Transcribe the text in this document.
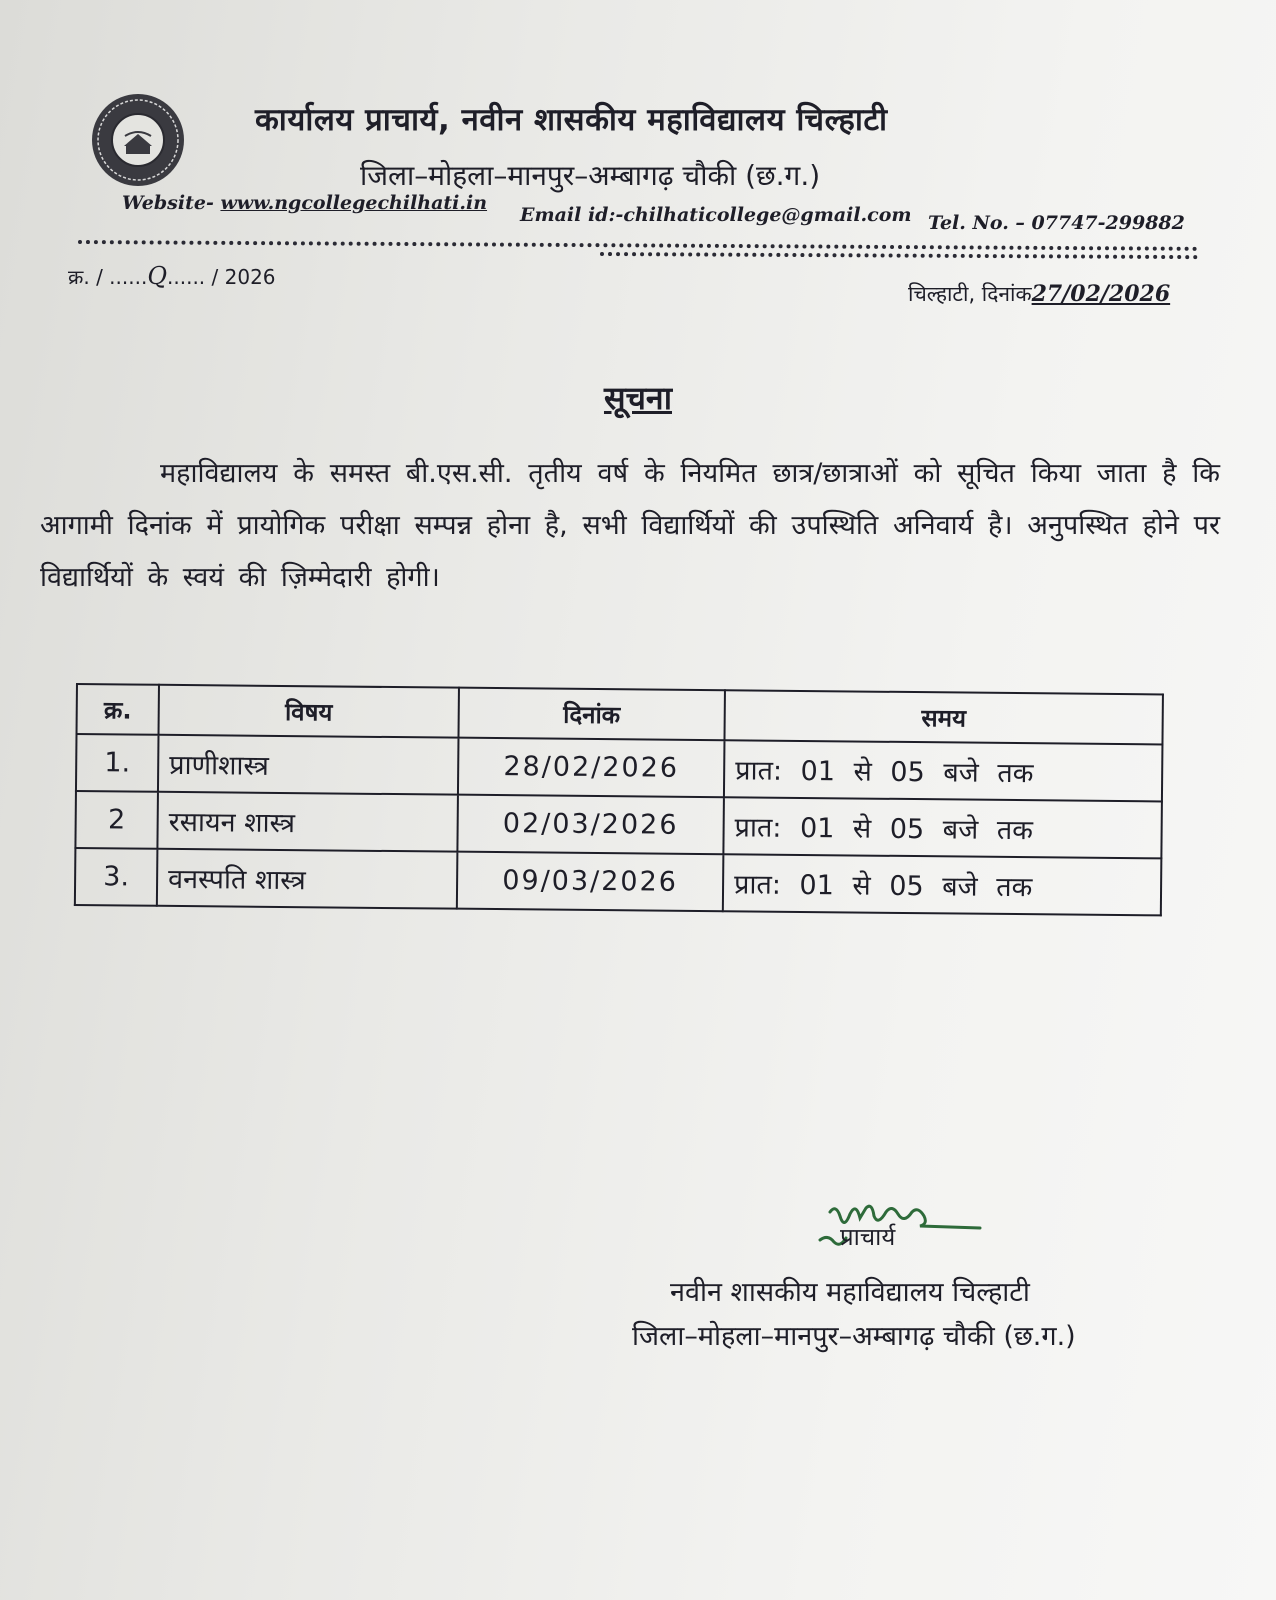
कार्यालय प्राचार्य, नवीन शासकीय महाविद्यालय चिल्हाटी
जिला–मोहला–मानपुर–अम्बागढ़ चौकी (छ.ग.)
Website- www.ngcollegechilhati.in
Email id:-chilhaticollege@gmail.com Tel. No. – 07747-299882
क्र. / ......Q...... / 2026
चिल्हाटी, दिनांक27/02/2026
सूचना
महाविद्यालय के समस्त बी.एस.सी. तृतीय वर्ष के नियमित छात्र/छात्राओं को सूचित किया जाता है कि आगामी दिनांक में प्रायोगिक परीक्षा सम्पन्न होना है, सभी विद्यार्थियों की उपस्थिति अनिवार्य है। अनुपस्थित होने पर विद्यार्थियों के स्वयं की ज़िम्मेदारी होगी।
क्र.	विषय	दिनांक	समय
1.	प्राणीशास्त्र	28/02/2026	प्रात: 01 से 05 बजे तक
2	रसायन शास्त्र	02/03/2026	प्रात: 01 से 05 बजे तक
3.	वनस्पति शास्त्र	09/03/2026	प्रात: 01 से 05 बजे तक
प्राचार्य
नवीन शासकीय महाविद्यालय चिल्हाटी
जिला–मोहला–मानपुर–अम्बागढ़ चौकी (छ.ग.)
